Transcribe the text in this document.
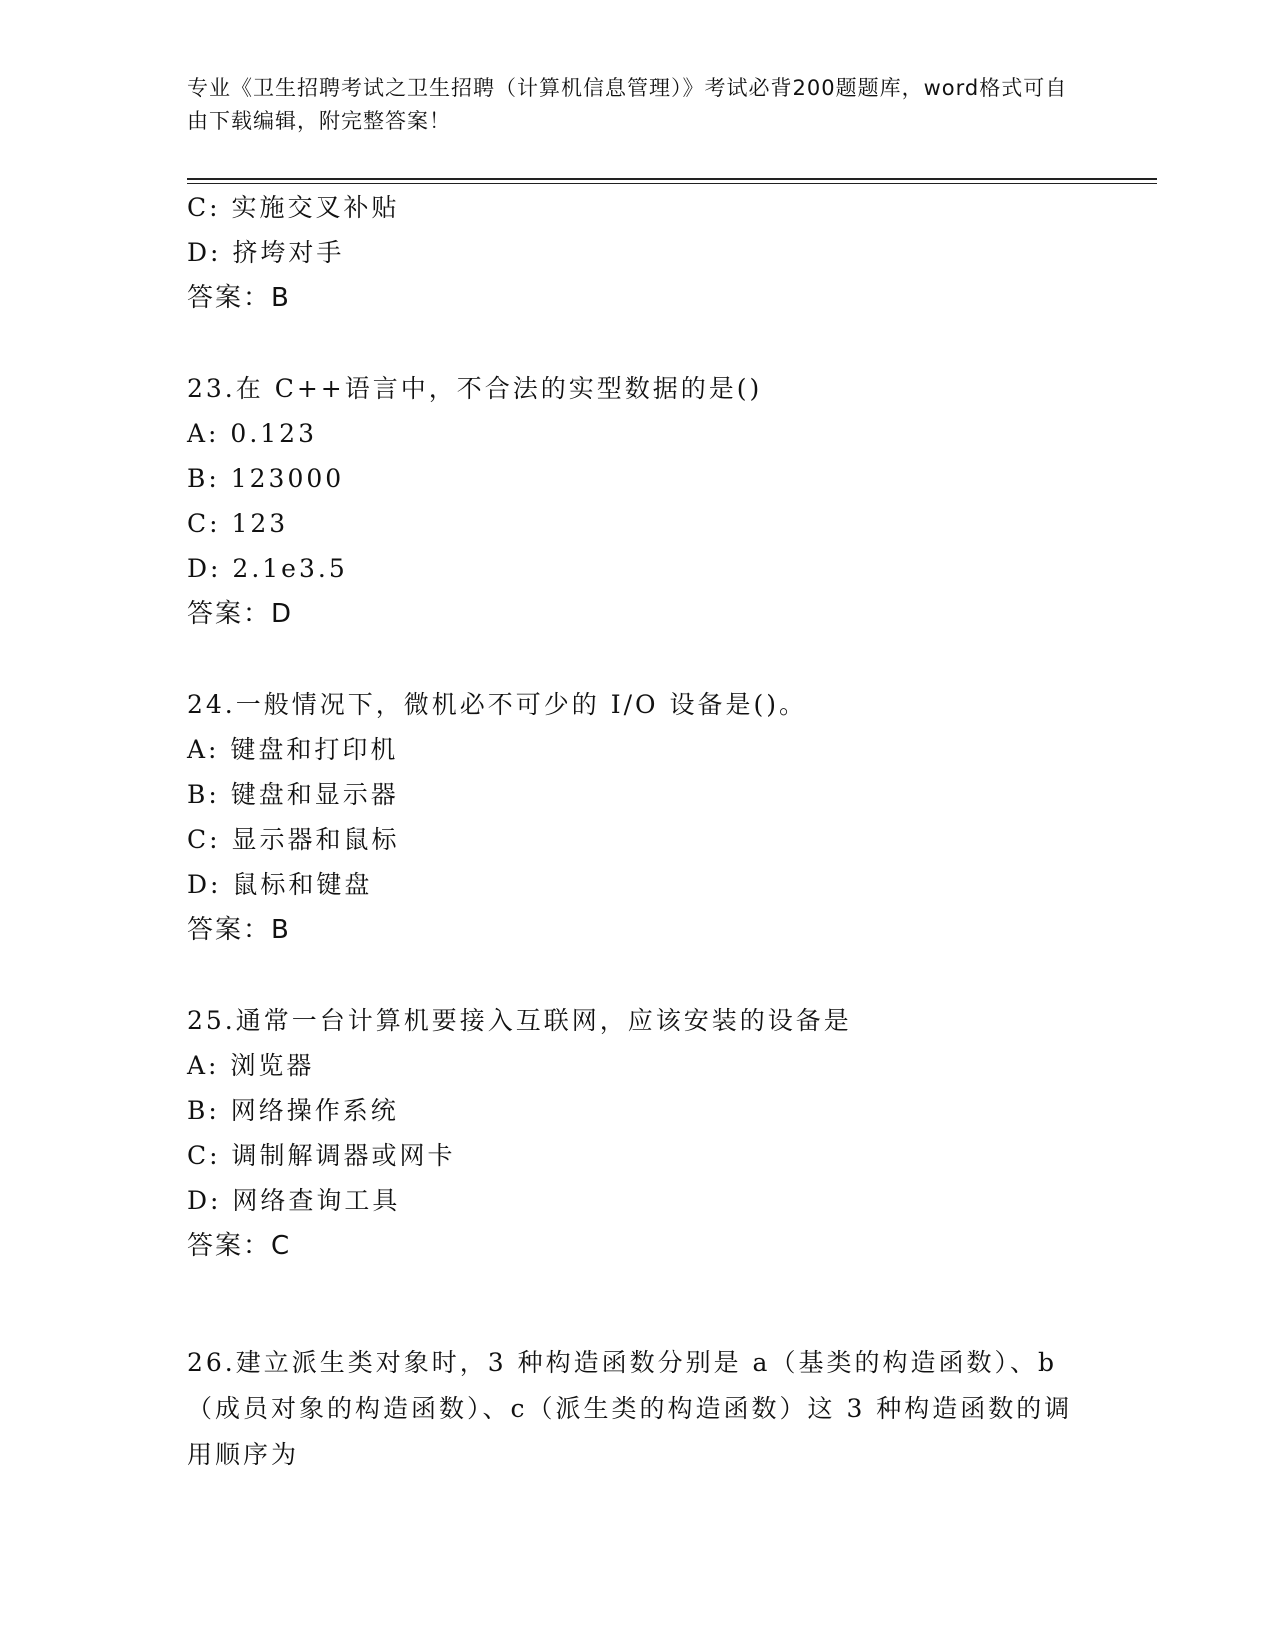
专业《卫生招聘考试之卫生招聘（计算机信息管理）》考试必背200题题库，word格式可自由下载编辑，附完整答案！
C: 实施交叉补贴
D: 挤垮对手
答案：B
23.在 C++语言中，不合法的实型数据的是()
A: 0.123
B: 123000
C: 123
D: 2.1e3.5
答案：D
24.一般情况下，微机必不可少的 I/O 设备是()。
A: 键盘和打印机
B: 键盘和显示器
C: 显示器和鼠标
D: 鼠标和键盘
答案：B
25.通常一台计算机要接入互联网，应该安装的设备是
A: 浏览器
B: 网络操作系统
C: 调制解调器或网卡
D: 网络查询工具
答案：C
26.建立派生类对象时，3 种构造函数分别是 a（基类的构造函数）、b（成员对象的构造函数）、c（派生类的构造函数）这 3 种构造函数的调用顺序为
